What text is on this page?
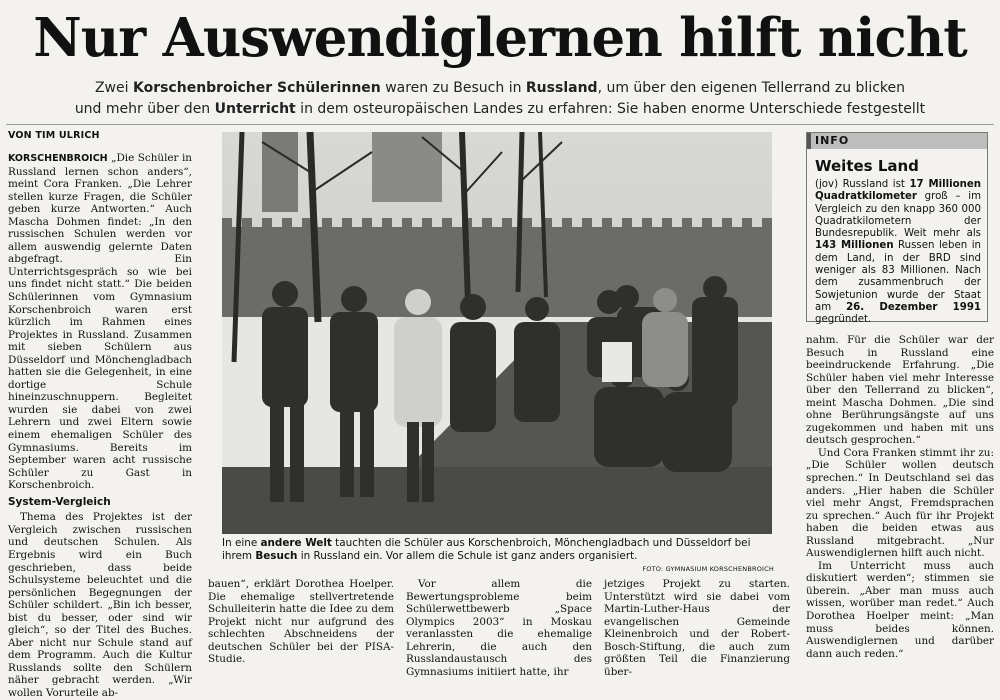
Nur Auswendiglernen hilft nicht
Zwei Korschenbroicher Schülerinnen waren zu Besuch in Russland, um über den eigenen Tellerrand zu blicken
und mehr über den Unterricht in dem osteuropäischen Landes zu erfahren: Sie haben enorme Unterschiede festgestellt
VON TIM ULRICH

KORSCHENBROICH „Die Schüler in Russland lernen schon anders“, meint Cora Franken. „Die Lehrer stellen kurze Fragen, die Schüler geben kurze Antworten.“ Auch Mascha Dohmen findet: „In den russischen Schulen werden vor allem auswendig gelernte Daten abgefragt. Ein Unterrichtsgespräch so wie bei uns findet nicht statt.“ Die beiden Schülerinnen vom Gymnasium Korschenbroich waren erst kürzlich im Rahmen eines Projektes in Russland. Zusammen mit sieben Schülern aus Düsseldorf und Mönchengladbach hatten sie die Gelegenheit, in eine dortige Schule hineinzuschnuppern. Begleitet wurden sie dabei von zwei Lehrern und zwei Eltern sowie einem ehemaligen Schüler des Gymnasiums. Bereits im September waren acht russische Schüler zu Gast in Korschenbroich.

System-Vergleich

Thema des Projektes ist der Vergleich zwischen russischen und deutschen Schulen. Als Ergebnis wird ein Buch geschrieben, dass beide Schulsysteme beleuchtet und die persönlichen Begegnungen der Schüler schildert. „Bin ich besser, bist du besser, oder sind wir gleich“, so der Titel des Buches. Aber nicht nur Schule stand auf dem Programm. Auch die Kultur Russlands sollte den Schülern näher gebracht werden. „Wir wollen Vorurteile ab-

In eine andere Welt tauchten die Schüler aus Korschenbroich, Mönchengladbach und Düsseldorf bei ihrem Besuch in Russland ein. Vor allem die Schule ist ganz anders organisiert.
FOTO: GYMNASIUM KORSCHENBROICH
INFO
Weites Land
(jov) Russland ist 17 Millionen Quadratkilometer groß – im Vergleich zu den knapp 360 000 Quadratkilometern der Bundesrepublik. Weit mehr als 143 Millionen Russen leben in dem Land, in der BRD sind weniger als 83 Millionen. Nach dem zusammenbruch der Sowjetunion wurde der Staat am 26. Dezember 1991 gegründet.

bauen“, erklärt Dorothea Hoelper. Die ehemalige stellvertretende Schulleiterin hatte die Idee zu dem Projekt nicht nur aufgrund des schlechten Abschneidens der deutschen Schüler bei der PISA-Studie.

Vor allem die Bewertungsprobleme beim Schülerwettbewerb „Space Olympics 2003“ in Moskau veranlassten die ehemalige Lehrerin, die auch den Russlandaustausch des Gymnasiums initiiert hatte, ihr

jetziges Projekt zu starten. Unterstützt wird sie dabei vom Martin-Luther-Haus der evangelischen Gemeinde Kleinenbroich und der Robert-Bosch-Stiftung, die auch zum größten Teil die Finanzierung über-

nahm. Für die Schüler war der Besuch in Russland eine beeindruckende Erfahrung. „Die Schüler haben viel mehr Interesse über den Tellerrand zu blicken“, meint Mascha Dohmen. „Die sind ohne Berührungsängste auf uns zugekommen und haben mit uns deutsch gesprochen.“

Und Cora Franken stimmt ihr zu: „Die Schüler wollen deutsch sprechen.“ In Deutschland sei das anders. „Hier haben die Schüler viel mehr Angst, Fremdsprachen zu sprechen.“ Auch für ihr Projekt haben die beiden etwas aus Russland mitgebracht. „Nur Auswendiglernen hilft auch nicht.

Im Unterricht muss auch diskutiert werden“; stimmen sie überein. „Aber man muss auch wissen, worüber man redet.“ Auch Dorothea Hoelper meint: „Man muss beides können. Auswendiglernen und darüber dann auch reden.“
